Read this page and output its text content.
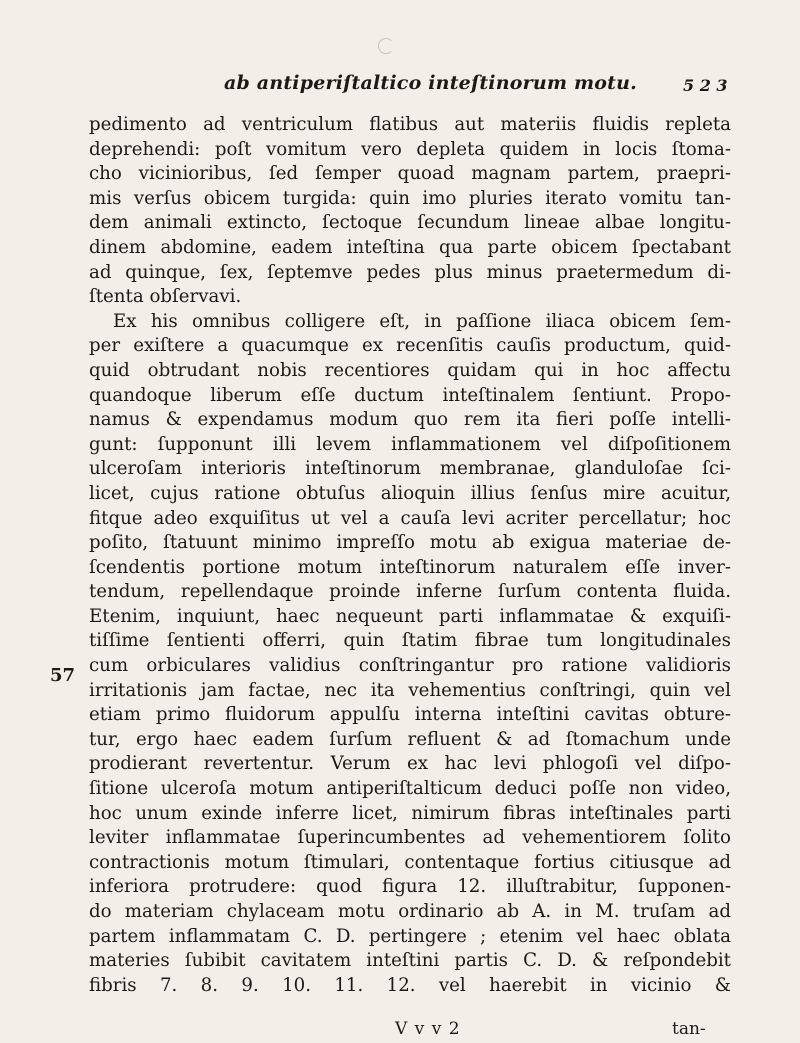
ab antiperiſtaltico inteſtinorum motu.	5 2 3
57
pedimento ad ventriculum flatibus aut materiis fluidis repleta
deprehendi: poſt vomitum vero depleta quidem in locis ſtoma-
cho vicinioribus, ſed ſemper quoad magnam partem, praepri-
mis verſus obicem turgida: quin imo pluries iterato vomitu tan-
dem animali extincto, ſectoque ſecundum lineae albae longitu-
dinem abdomine, eadem inteſtina qua parte obicem ſpectabant
ad quinque, ſex, ſeptemve pedes plus minus praetermedum di-
ſtenta obſervavi.
Ex his omnibus colligere eſt, in paſſione iliaca obicem ſem-
per exiſtere a quacumque ex recenſitis cauſis productum, quid-
quid obtrudant nobis recentiores quidam qui in hoc affectu
quandoque liberum eſſe ductum inteſtinalem ſentiunt. Propo-
namus & expendamus modum quo rem ita fieri poſſe intelli-
gunt: ſupponunt illi levem inflammationem vel diſpoſitionem
ulceroſam interioris inteſtinorum membranae, glanduloſae ſci-
licet, cujus ratione obtuſus alioquin illius ſenſus mire acuitur,
fitque adeo exquiſitus ut vel a cauſa levi acriter percellatur; hoc
poſito, ſtatuunt minimo impreſſo motu ab exigua materiae de-
ſcendentis portione motum inteſtinorum naturalem eſſe inver-
tendum, repellendaque proinde inferne ſurſum contenta fluida.
Etenim, inquiunt, haec nequeunt parti inflammatae & exquiſi-
tiſſime ſentienti offerri, quin ſtatim fibrae tum longitudinales
cum orbiculares validius conſtringantur pro ratione validioris
irritationis jam factae, nec ita vehementius conſtringi, quin vel
etiam primo fluidorum appulſu interna inteſtini cavitas obture-
tur, ergo haec eadem ſurſum refluent & ad ſtomachum unde
prodierant revertentur. Verum ex hac levi phlogoſi vel diſpo-
ſitione ulceroſa motum antiperiſtalticum deduci poſſe non video,
hoc unum exinde inferre licet, nimirum fibras inteſtinales parti
leviter inflammatae ſuperincumbentes ad vehementiorem ſolito
contractionis motum ſtimulari, contentaque fortius citiusque ad
inferiora protrudere: quod figura 12. illuſtrabitur, ſupponen-
do materiam chylaceam motu ordinario ab A. in M. truſam ad
partem inflammatam C. D. pertingere ; etenim vel haec oblata
materies ſubibit cavitatem inteſtini partis C. D. & reſpondebit
fibris 7. 8. 9. 10. 11. 12. vel haerebit in vicinio &
V v v 2	tan-
